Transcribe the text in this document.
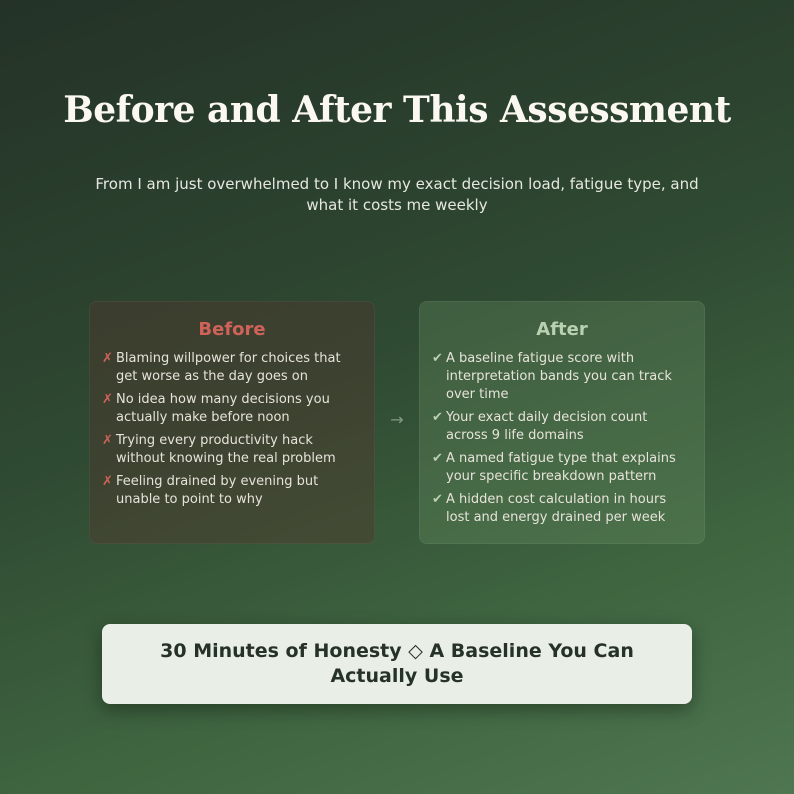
Before and After This Assessment
From I am just overwhelmed to I know my exact decision load, fatigue type, and what it costs me weekly
Before
✗ Blaming willpower for choices that get worse as the day goes on
✗ No idea how many decisions you actually make before noon
✗ Trying every productivity hack without knowing the real problem
✗ Feeling drained by evening but unable to point to why
→
After
✔ A baseline fatigue score with interpretation bands you can track over time
✔ Your exact daily decision count across 9 life domains
✔ A named fatigue type that explains your specific breakdown pattern
✔ A hidden cost calculation in hours lost and energy drained per week
30 Minutes of Honesty ◇ A Baseline You Can Actually Use
